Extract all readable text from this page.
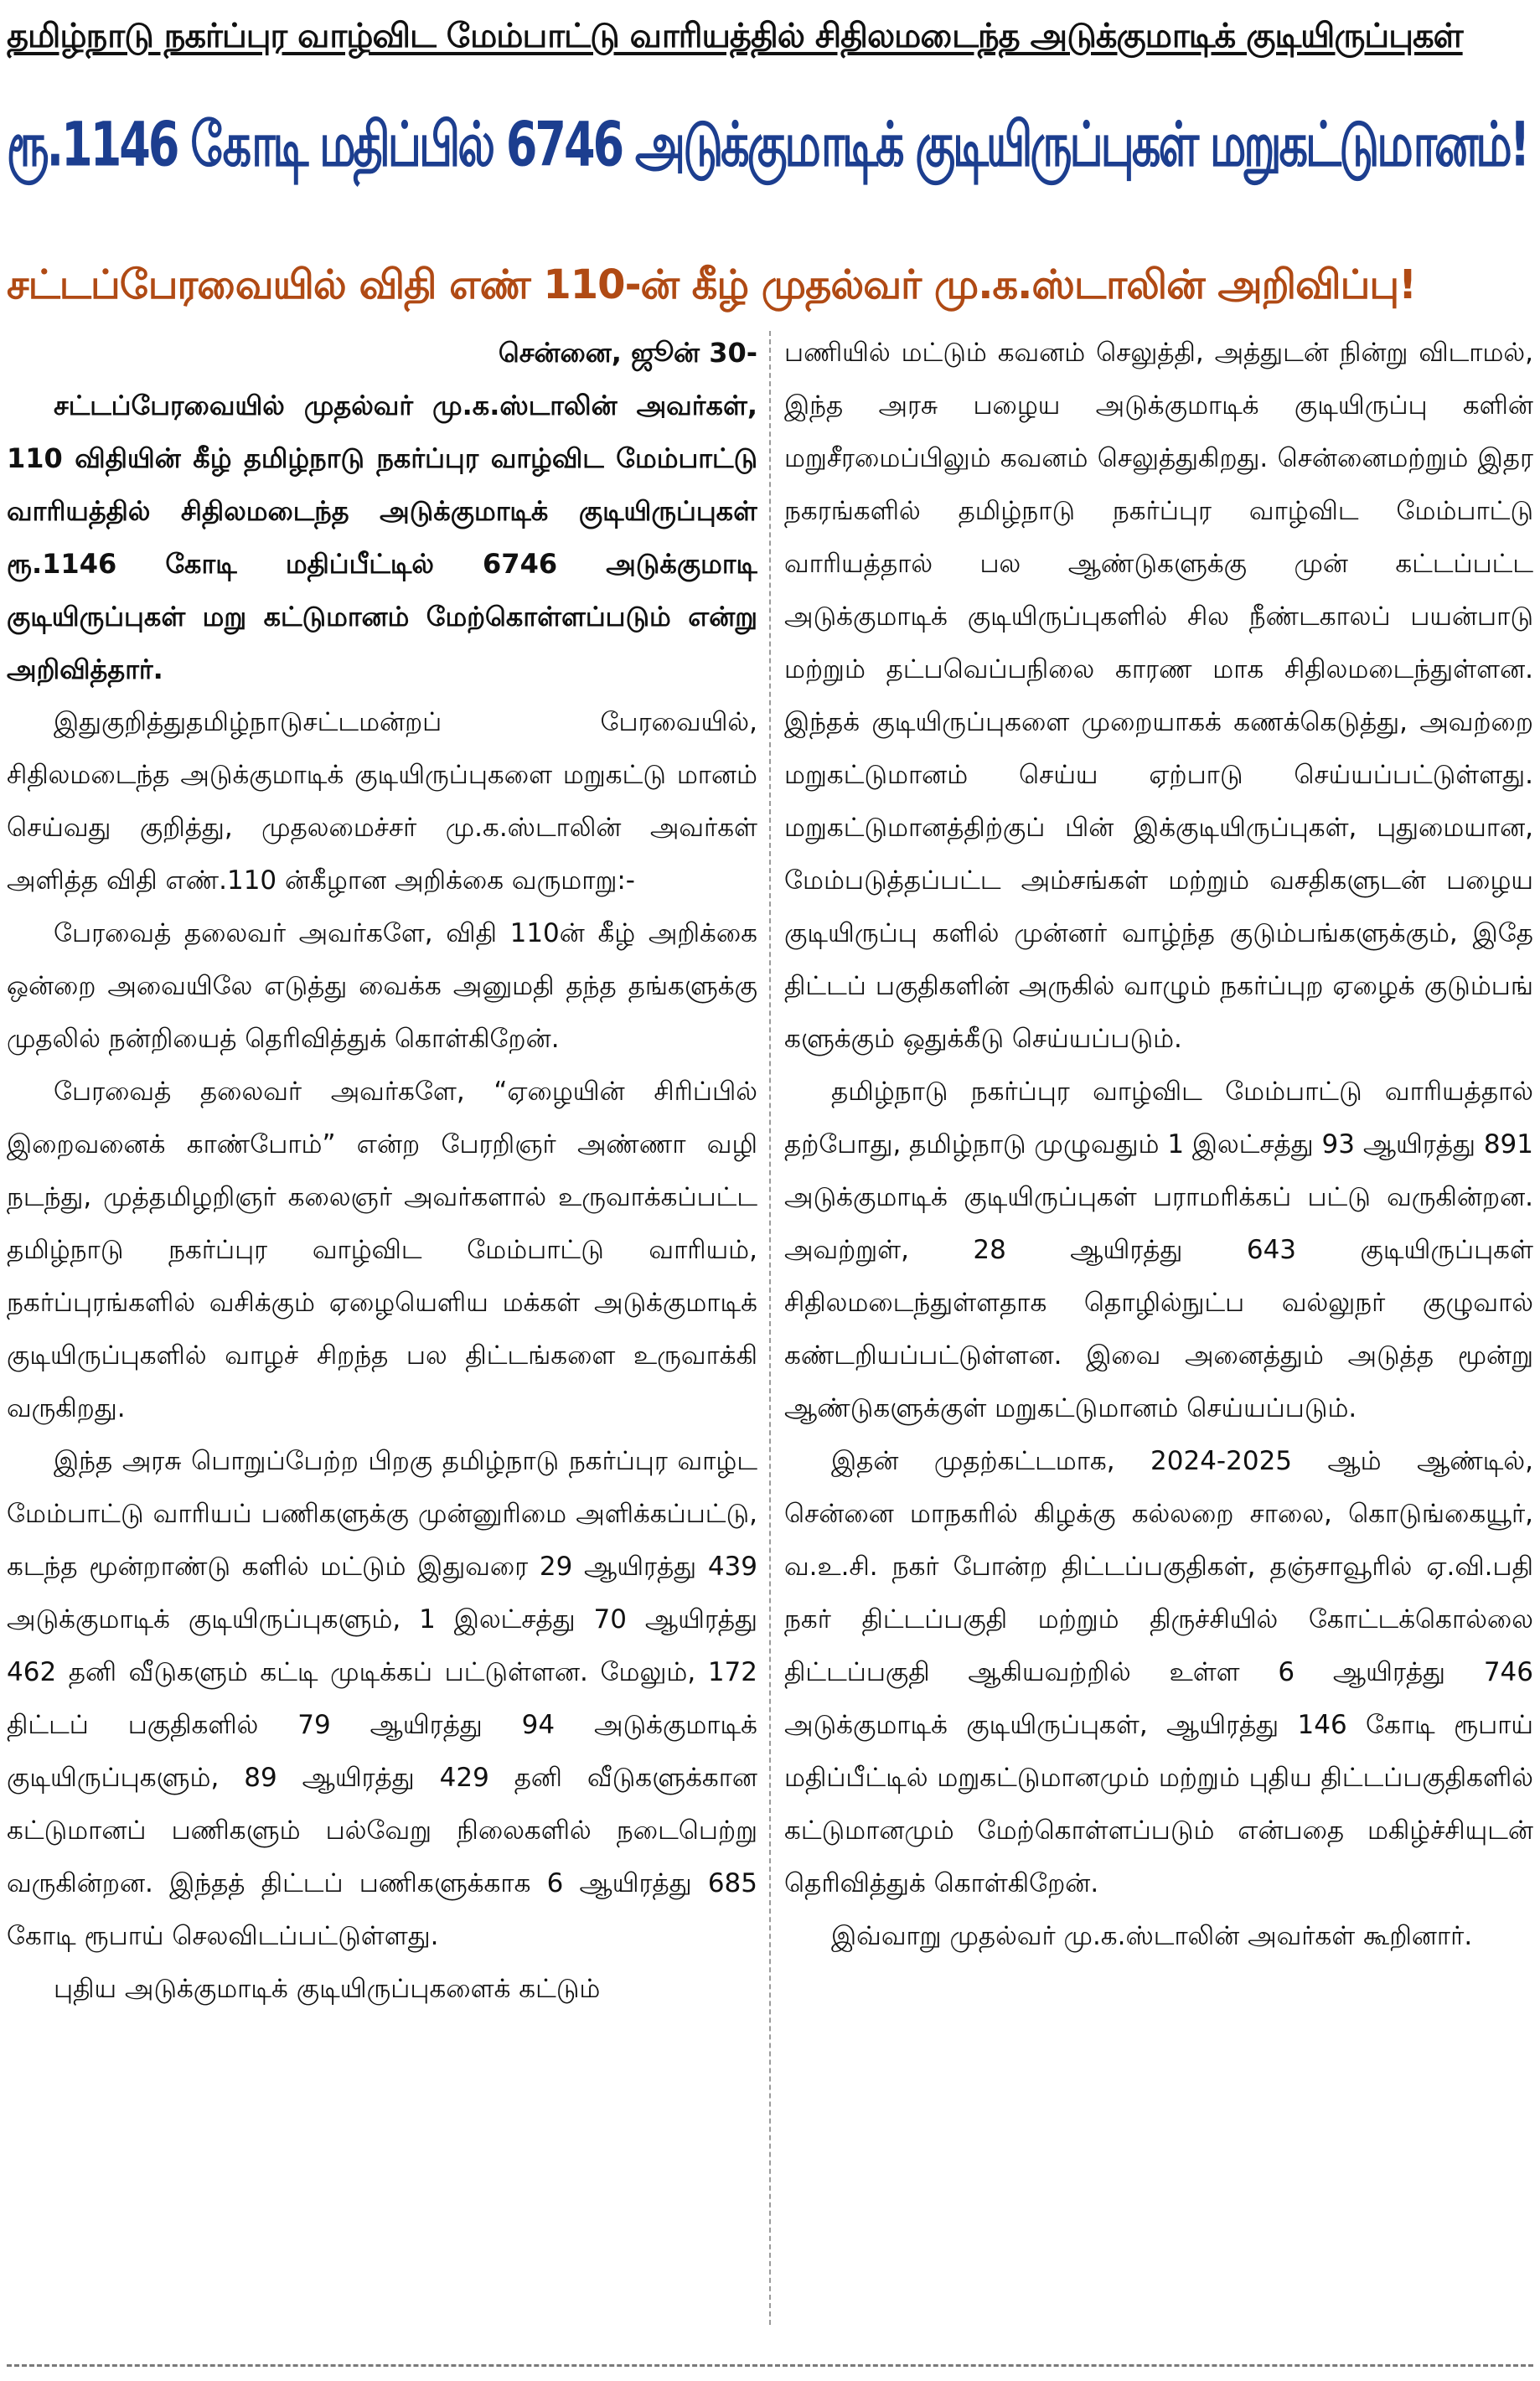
தமிழ்நாடு நகர்ப்புர வாழ்விட மேம்பாட்டு வாரியத்தில் சிதிலமடைந்த அடுக்குமாடிக் குடியிருப்புகள்
ரூ.1146 கோடி மதிப்பில் 6746 அடுக்குமாடிக் குடியிருப்புகள் மறுகட்டுமானம்!
சட்டப்பேரவையில் விதி எண் 110-ன் கீழ் முதல்வர் மு.க.ஸ்டாலின் அறிவிப்பு!

சென்னை, ஜூன் 30-

சட்டப்பேரவையில் முதல்வர் மு.க.ஸ்டாலின் அவர்கள், 110 விதியின் கீழ் தமிழ்நாடு நகர்ப்புர வாழ்விட மேம்பாட்டு வாரியத்தில் சிதிலமடைந்த அடுக்குமாடிக் குடியிருப்புகள் ரூ.1146 கோடி மதிப்பீட்டில் 6746 அடுக்குமாடி குடியிருப்புகள் மறு கட்டுமானம் மேற்கொள்ளப்படும் என்று அறிவித்தார்.

இதுகுறித்துதமிழ்நாடுசட்டமன்றப் பேரவையில், சிதிலமடைந்த அடுக்குமாடிக் குடியிருப்புகளை மறுகட்டு மானம் செய்வது குறித்து, முதலமைச்சர் மு.க.ஸ்டாலின் அவர்கள் அளித்த விதி எண்.110 ன்கீழான அறிக்கை வருமாறு:-

பேரவைத் தலைவர் அவர்களே, விதி 110ன் கீழ் அறிக்கை ஒன்றை அவையிலே எடுத்து வைக்க அனுமதி தந்த தங்களுக்கு முதலில் நன்றியைத் தெரிவித்துக் கொள்கிறேன்.

பேரவைத் தலைவர் அவர்களே, “ஏழையின் சிரிப்பில் இறைவனைக் காண்போம்” என்ற பேரறிஞர் அண்ணா வழி நடந்து, முத்தமிழறிஞர் கலைஞர் அவர்களால் உருவாக்கப்பட்ட தமிழ்நாடு நகர்ப்புர வாழ்விட மேம்பாட்டு வாரியம், நகர்ப்புரங்களில் வசிக்கும் ஏழையெளிய மக்கள் அடுக்குமாடிக் குடியிருப்புகளில் வாழச் சிறந்த பல திட்டங்களை உருவாக்கி வருகிறது.

இந்த அரசு பொறுப்பேற்ற பிறகு தமிழ்நாடு நகர்ப்புர வாழ்ட மேம்பாட்டு வாரியப் பணிகளுக்கு முன்னுரிமை அளிக்கப்பட்டு, கடந்த மூன்றாண்டு களில் மட்டும் இதுவரை 29 ஆயிரத்து 439 அடுக்குமாடிக் குடியிருப்புகளும், 1 இலட்சத்து 70 ஆயிரத்து 462 தனி வீடுகளும் கட்டி முடிக்கப் பட்டுள்ளன. மேலும், 172 திட்டப் பகுதிகளில் 79 ஆயிரத்து 94 அடுக்குமாடிக் குடியிருப்புகளும், 89 ஆயிரத்து 429 தனி வீடுகளுக்கான கட்டுமானப் பணிகளும் பல்வேறு நிலைகளில் நடைபெற்று வருகின்றன. இந்தத் திட்டப் பணிகளுக்காக 6 ஆயிரத்து 685 கோடி ரூபாய் செலவிடப்பட்டுள்ளது.

புதிய அடுக்குமாடிக் குடியிருப்புகளைக் கட்டும்

பணியில் மட்டும் கவனம் செலுத்தி, அத்துடன் நின்று விடாமல், இந்த அரசு பழைய அடுக்குமாடிக் குடியிருப்பு களின் மறுசீரமைப்பிலும் கவனம் செலுத்துகிறது. சென்னைமற்றும் இதர நகரங்களில் தமிழ்நாடு நகர்ப்புர வாழ்விட மேம்பாட்டு வாரியத்தால் பல ஆண்டுகளுக்கு முன் கட்டப்பட்ட அடுக்குமாடிக் குடியிருப்புகளில் சில நீண்டகாலப் பயன்பாடு மற்றும் தட்பவெப்பநிலை காரண மாக சிதிலமடைந்துள்ளன. இந்தக் குடியிருப்புகளை முறையாகக் கணக்கெடுத்து, அவற்றை மறுகட்டுமானம் செய்ய ஏற்பாடு செய்யப்பட்டுள்ளது. மறுகட்டுமானத்திற்குப் பின் இக்குடியிருப்புகள், புதுமையான, மேம்படுத்தப்பட்ட அம்சங்கள் மற்றும் வசதிகளுடன் பழைய குடியிருப்பு களில் முன்னர் வாழ்ந்த குடும்பங்களுக்கும், இதே திட்டப் பகுதிகளின் அருகில் வாழும் நகர்ப்புற ஏழைக் குடும்பங் களுக்கும் ஒதுக்கீடு செய்யப்படும்.

தமிழ்நாடு நகர்ப்புர வாழ்விட மேம்பாட்டு வாரியத்தால் தற்போது, தமிழ்நாடு முழுவதும் 1 இலட்சத்து 93 ஆயிரத்து 891 அடுக்குமாடிக் குடியிருப்புகள் பராமரிக்கப் பட்டு வருகின்றன. அவற்றுள், 28 ஆயிரத்து 643 குடியிருப்புகள் சிதிலமடைந்துள்ளதாக தொழில்நுட்ப வல்லுநர் குழுவால் கண்டறியப்பட்டுள்ளன. இவை அனைத்தும் அடுத்த மூன்று ஆண்டுகளுக்குள் மறுகட்டுமானம் செய்யப்படும்.

இதன் முதற்கட்டமாக, 2024-2025 ஆம் ஆண்டில், சென்னை மாநகரில் கிழக்கு கல்லறை சாலை, கொடுங்கையூர், வ.உ.சி. நகர் போன்ற திட்டப்பகுதிகள், தஞ்சாவூரில் ஏ.வி.பதி நகர் திட்டப்பகுதி மற்றும் திருச்சியில் கோட்டக்கொல்லை திட்டப்பகுதி ஆகியவற்றில் உள்ள 6 ஆயிரத்து 746 அடுக்குமாடிக் குடியிருப்புகள், ஆயிரத்து 146 கோடி ரூபாய் மதிப்பீட்டில் மறுகட்டுமானமும் மற்றும் புதிய திட்டப்பகுதிகளில் கட்டுமானமும் மேற்கொள்ளப்படும் என்பதை மகிழ்ச்சியுடன் தெரிவித்துக் கொள்கிறேன்.

இவ்வாறு முதல்வர் மு.க.ஸ்டாலின் அவர்கள் கூறினார்.
